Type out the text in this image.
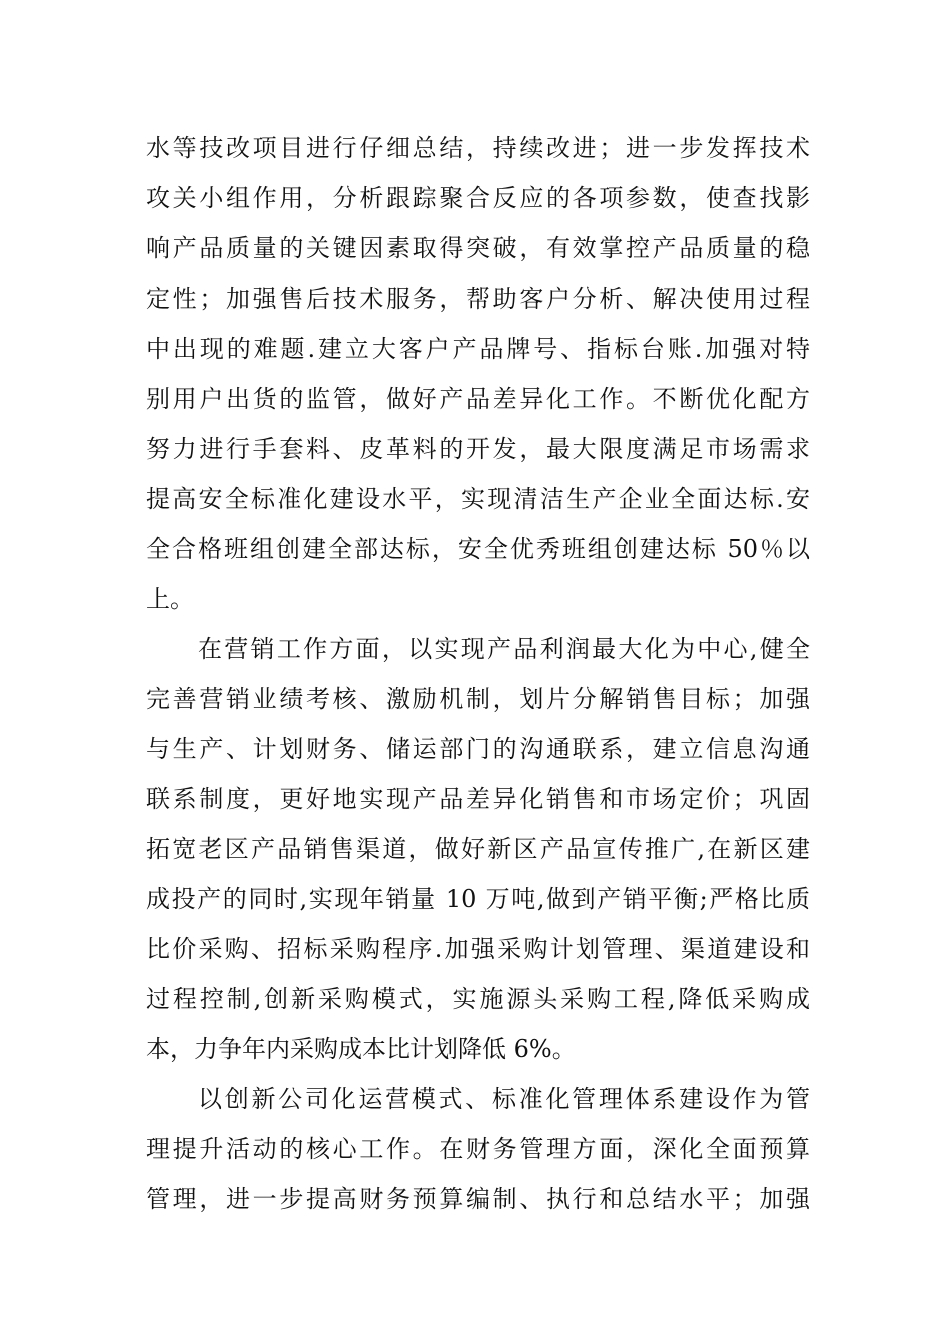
水等技改项目进行仔细总结，持续改进；进一步发挥技术
攻关小组作用，分析跟踪聚合反应的各项参数，使查找影
响产品质量的关键因素取得突破，有效掌控产品质量的稳
定性；加强售后技术服务，帮助客户分析、解决使用过程
中出现的难题.建立大客户产品牌号、指标台账.加强对特
别用户出货的监管，做好产品差异化工作。不断优化配方
努力进行手套料、皮革料的开发，最大限度满足市场需求
提高安全标准化建设水平，实现清洁生产企业全面达标.安
全合格班组创建全部达标，安全优秀班组创建达标 50％以
上。
在营销工作方面，以实现产品利润最大化为中心,健全
完善营销业绩考核、激励机制，划片分解销售目标；加强
与生产、计划财务、储运部门的沟通联系，建立信息沟通
联系制度，更好地实现产品差异化销售和市场定价；巩固
拓宽老区产品销售渠道，做好新区产品宣传推广,在新区建
成投产的同时,实现年销量 10 万吨,做到产销平衡;严格比质
比价采购、招标采购程序.加强采购计划管理、渠道建设和
过程控制,创新采购模式，实施源头采购工程,降低采购成
本，力争年内采购成本比计划降低 6%。
以创新公司化运营模式、标准化管理体系建设作为管
理提升活动的核心工作。在财务管理方面，深化全面预算
管理，进一步提高财务预算编制、执行和总结水平；加强
